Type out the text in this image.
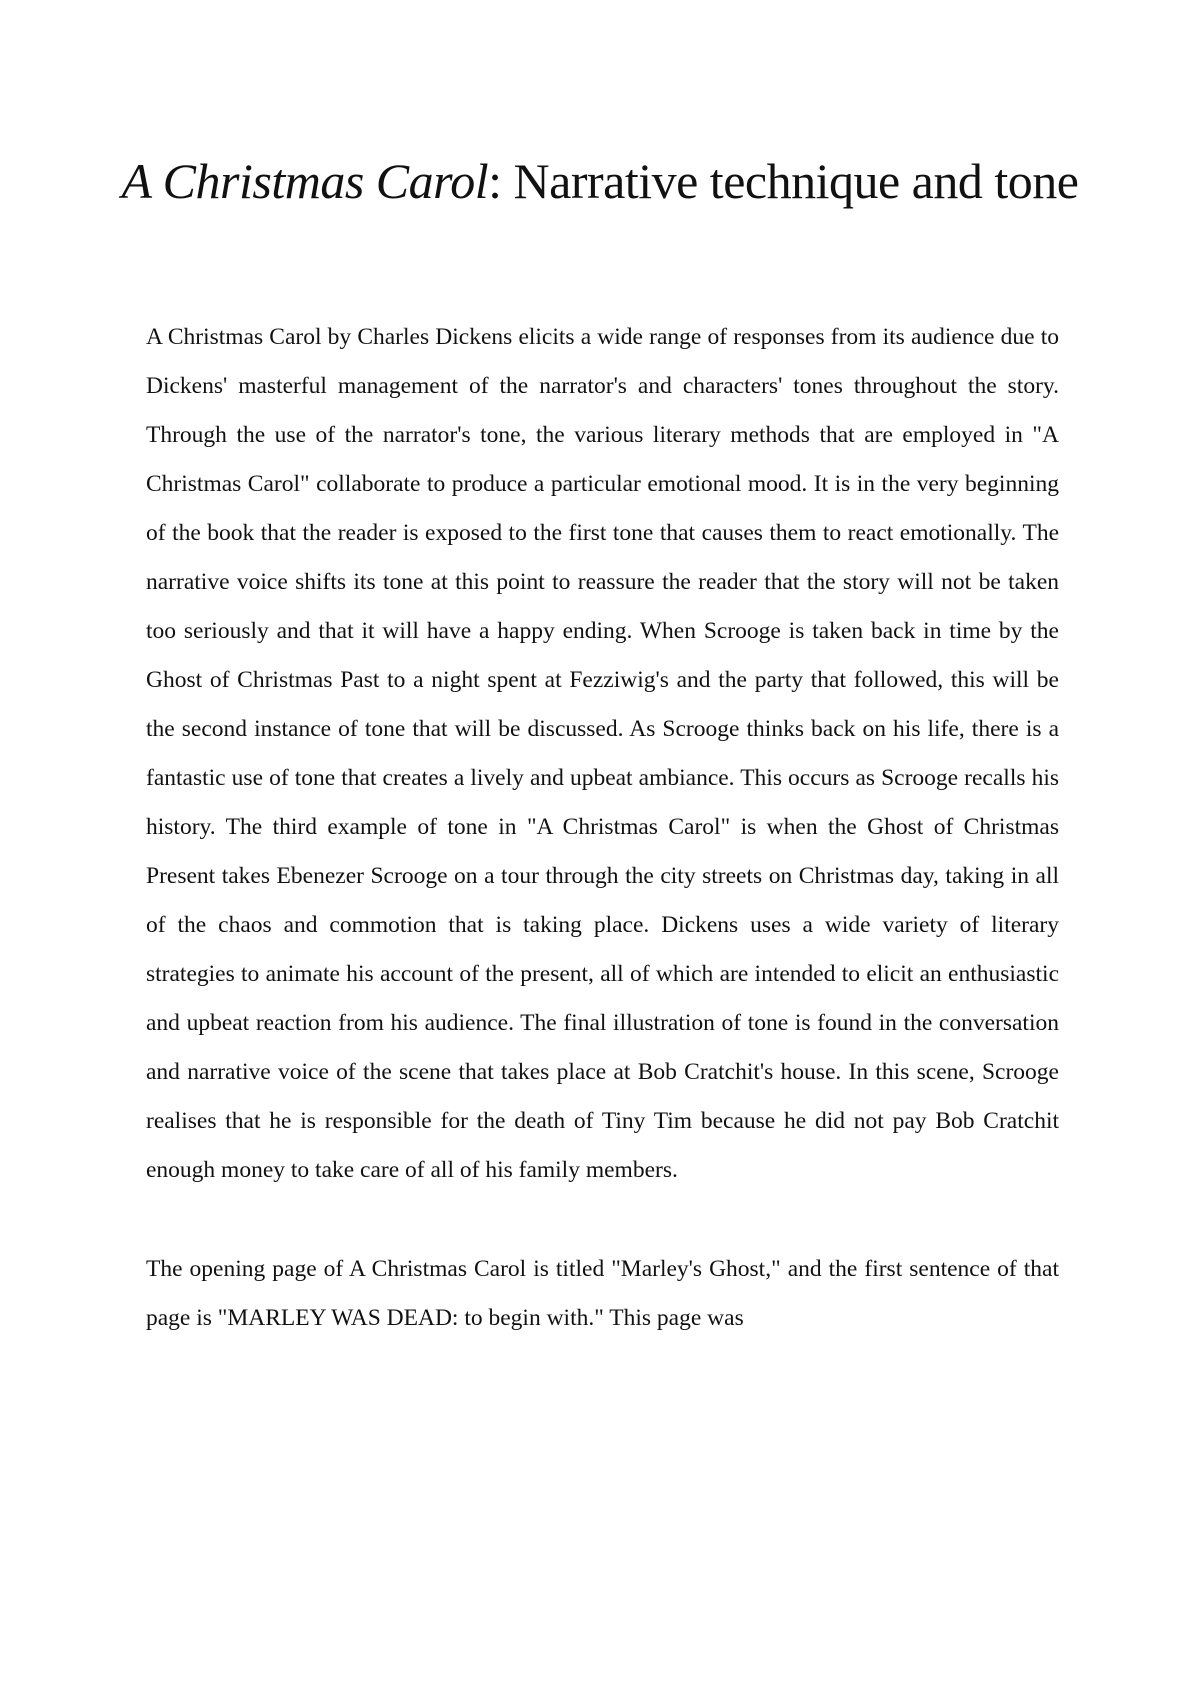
A Christmas Carol: Narrative technique and tone

A Christmas Carol by Charles Dickens elicits a wide range of responses from its audience due to Dickens' masterful management of the narrator's and characters' tones throughout the story. Through the use of the narrator's tone, the various literary methods that are employed in "A Christmas Carol" collaborate to produce a particular emotional mood. It is in the very beginning of the book that the reader is exposed to the first tone that causes them to react emotionally. The narrative voice shifts its tone at this point to reassure the reader that the story will not be taken too seriously and that it will have a happy ending. When Scrooge is taken back in time by the Ghost of Christmas Past to a night spent at Fezziwig's and the party that followed, this will be the second instance of tone that will be discussed. As Scrooge thinks back on his life, there is a fantastic use of tone that creates a lively and upbeat ambiance. This occurs as Scrooge recalls his history. The third example of tone in "A Christmas Carol" is when the Ghost of Christmas Present takes Ebenezer Scrooge on a tour through the city streets on Christmas day, taking in all of the chaos and commotion that is taking place. Dickens uses a wide variety of literary strategies to animate his account of the present, all of which are intended to elicit an enthusiastic and upbeat reaction from his audience. The final illustration of tone is found in the conversation and narrative voice of the scene that takes place at Bob Cratchit's house. In this scene, Scrooge realises that he is responsible for the death of Tiny Tim because he did not pay Bob Cratchit enough money to take care of all of his family members.

The opening page of A Christmas Carol is titled "Marley's Ghost," and the first sentence of that page is "MARLEY WAS DEAD: to begin with." This page was
